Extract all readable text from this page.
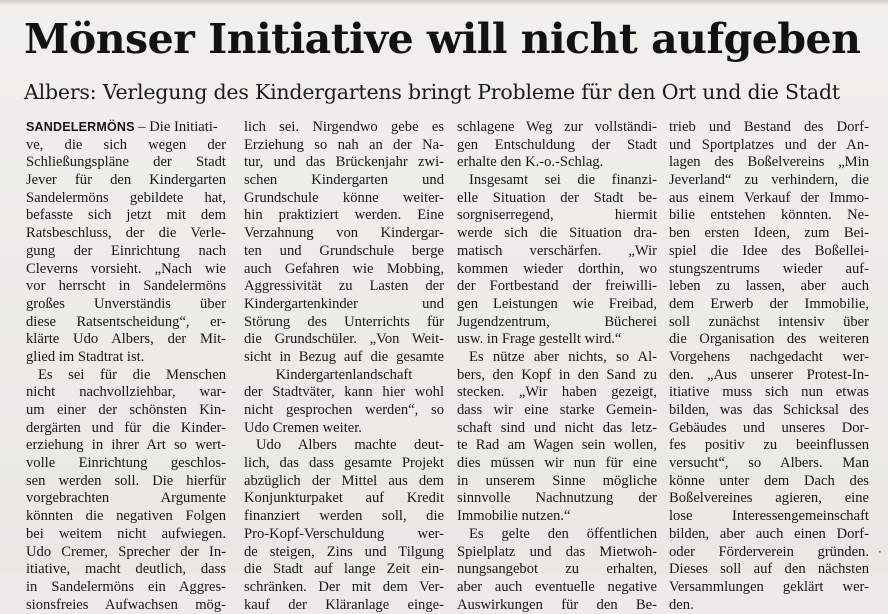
Mönser Initiative will nicht aufgeben
Albers: Verlegung des Kindergartens bringt Probleme für den Ort und die Stadt
SANDELERMÖNS – Die Initiati-
ve, die sich wegen der
Schließungspläne der Stadt
Jever für den Kindergarten
Sandelermöns gebildete hat,
befasste sich jetzt mit dem
Ratsbeschluss, der die Verle-
gung der Einrichtung nach
Cleverns vorsieht. „Nach wie
vor herrscht in Sandelermöns
großes Unverständis über
diese Ratsentscheidung“, er-
klärte Udo Albers, der Mit-
glied im Stadtrat ist.
Es sei für die Menschen
nicht nachvollziehbar, war-
um einer der schönsten Kin-
dergärten und für die Kinder-
erziehung in ihrer Art so wert-
volle Einrichtung geschlos-
sen werden soll. Die hierfür
vorgebrachten Argumente
könnten die negativen Folgen
bei weitem nicht aufwiegen.
Udo Cremer, Sprecher der In-
itiative, macht deutlich, dass
in Sandelermöns ein Aggres-
sionsfreies Aufwachsen mög-
lich sei. Nirgendwo gebe es
Erziehung so nah an der Na-
tur, und das Brückenjahr zwi-
schen Kindergarten und
Grundschule könne weiter-
hin praktiziert werden. Eine
Verzahnung von Kindergar-
ten und Grundschule berge
auch Gefahren wie Mobbing,
Aggressivität zu Lasten der
Kindergartenkinder und
Störung des Unterrichts für
die Grundschüler. „Von Weit-
sicht in Bezug auf die gesamte
Kindergartenlandschaft
der Stadtväter, kann hier wohl
nicht gesprochen werden“, so
Udo Cremen weiter.
Udo Albers machte deut-
lich, das dass gesamte Projekt
abzüglich der Mittel aus dem
Konjunkturpaket auf Kredit
finanziert werden soll, die
Pro-Kopf-Verschuldung wer-
de steigen, Zins und Tilgung
die Stadt auf lange Zeit ein-
schränken. Der mit dem Ver-
kauf der Kläranlage einge-
schlagene Weg zur vollständi-
gen Entschuldung der Stadt
erhalte den K.-o.-Schlag.
Insgesamt sei die finanzi-
elle Situation der Stadt be-
sorgniserregend, hiermit
werde sich die Situation dra-
matisch verschärfen. „Wir
kommen wieder dorthin, wo
der Fortbestand der freiwilli-
gen Leistungen wie Freibad,
Jugendzentrum, Bücherei
usw. in Frage gestellt wird.“
Es nütze aber nichts, so Al-
bers, den Kopf in den Sand zu
stecken. „Wir haben gezeigt,
dass wir eine starke Gemein-
schaft sind und nicht das letz-
te Rad am Wagen sein wollen,
dies müssen wir nun für eine
in unserem Sinne mögliche
sinnvolle Nachnutzung der
Immobilie nutzen.“
Es gelte den öffentlichen
Spielplatz und das Mietwoh-
nungsangebot zu erhalten,
aber auch eventuelle negative
Auswirkungen für den Be-
trieb und Bestand des Dorf-
und Sportplatzes und der An-
lagen des Boßelvereins „Min
Jeverland“ zu verhindern, die
aus einem Verkauf der Immo-
bilie entstehen könnten. Ne-
ben ersten Ideen, zum Bei-
spiel die Idee des Boßellei-
stungszentrums wieder auf-
leben zu lassen, aber auch
dem Erwerb der Immobilie,
soll zunächst intensiv über
die Organisation des weiteren
Vorgehens nachgedacht wer-
den. „Aus unserer Protest-In-
itiative muss sich nun etwas
bilden, was das Schicksal des
Gebäudes und unseres Dor-
fes positiv zu beeinflussen
versucht“, so Albers. Man
könne unter dem Dach des
Boßelvereines agieren, eine
lose Interessengemeinschaft
bilden, aber auch einen Dorf-
oder Förderverein gründen.
Dieses soll auf den nächsten
Versammlungen geklärt wer-
den.
·
